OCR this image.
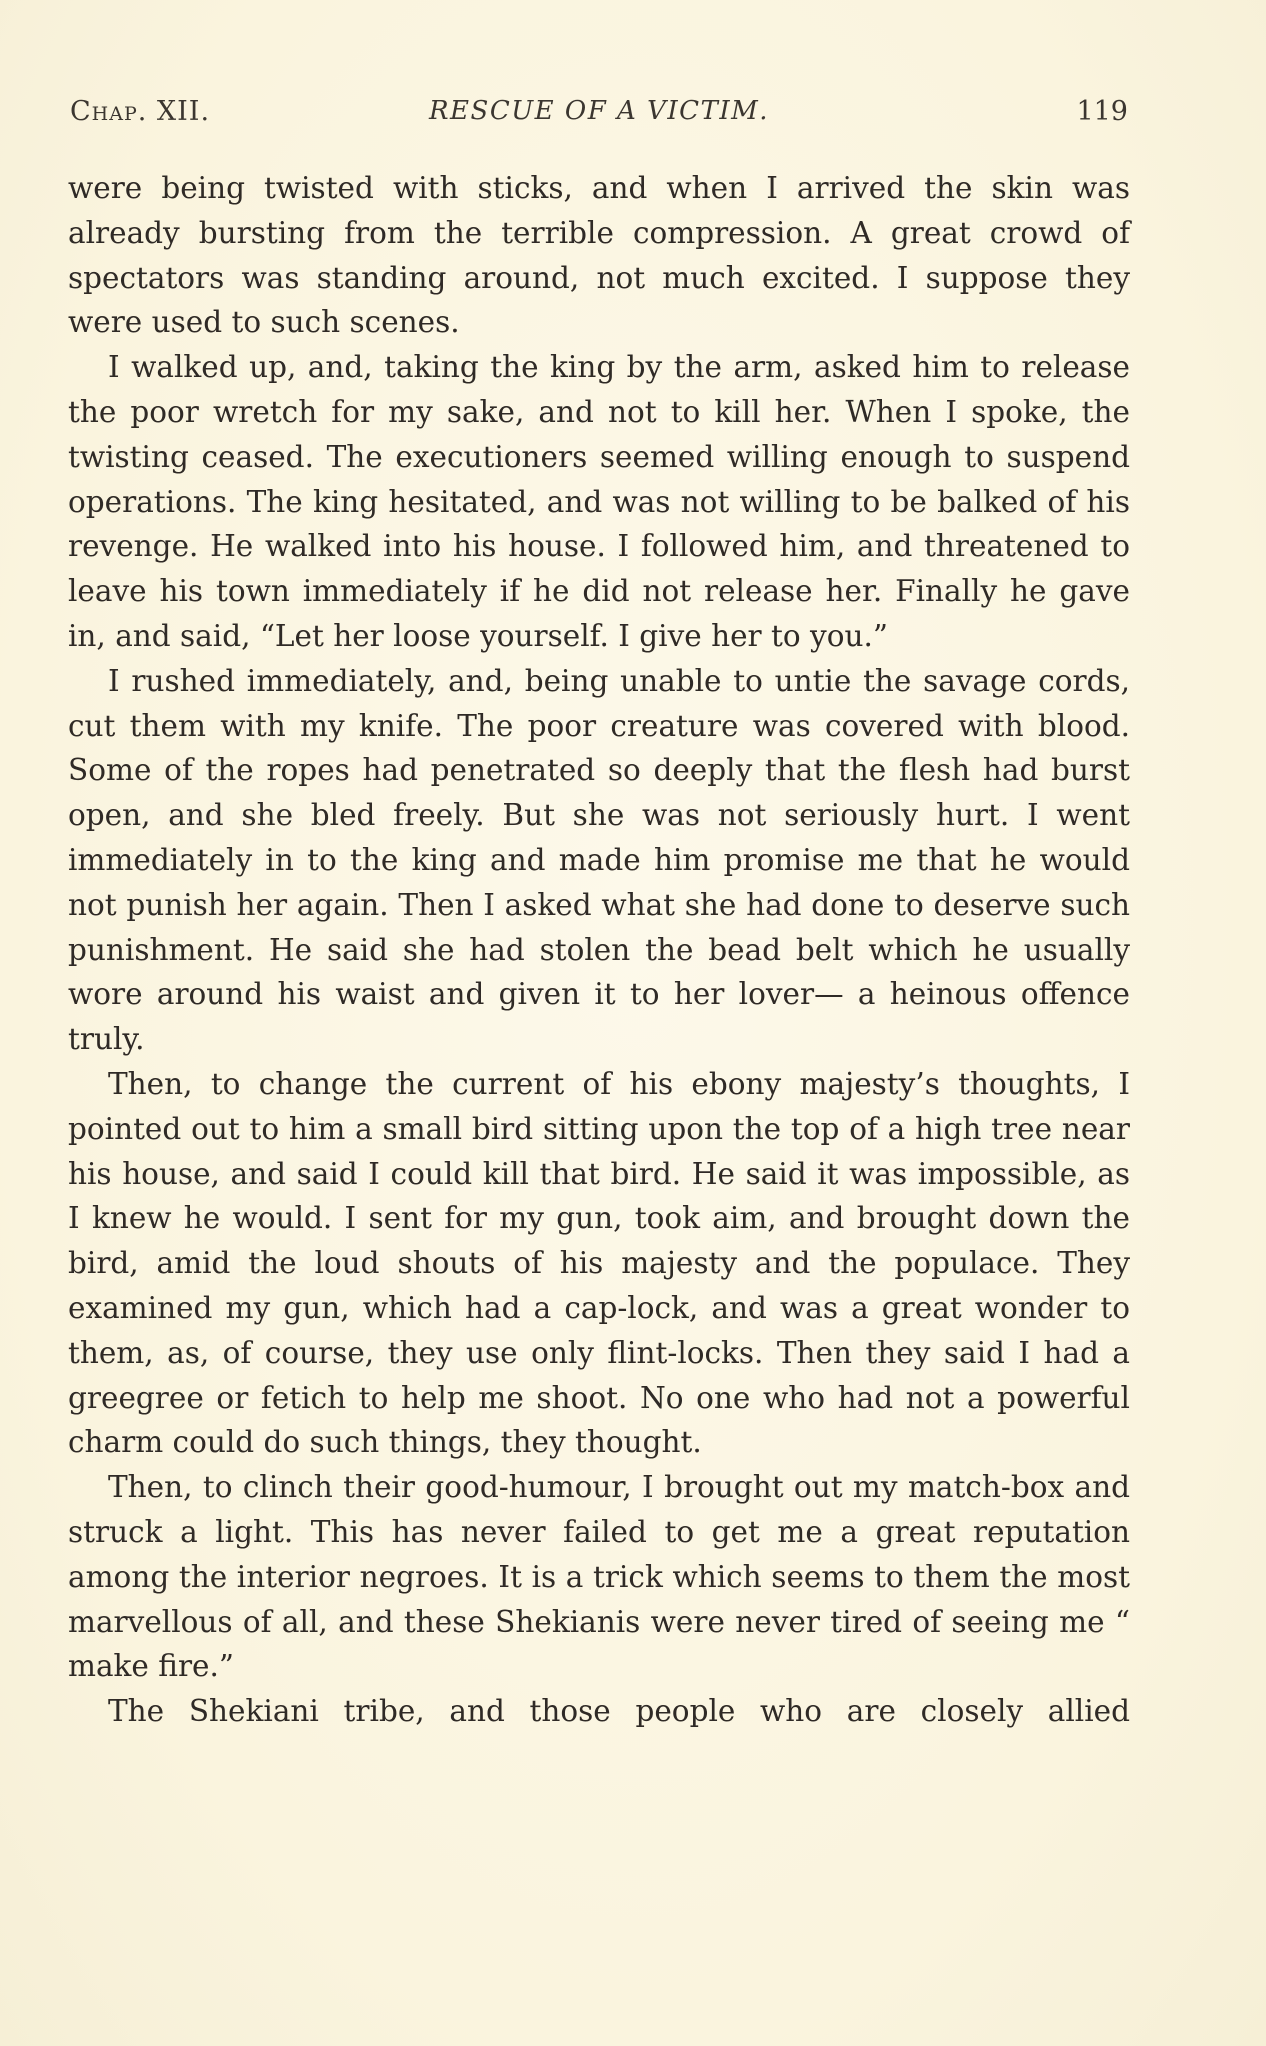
Chap. XII.	RESCUE OF A VICTIM.	119

were being twisted with sticks, and when I arrived the skin was already bursting from the terrible compression. A great crowd of spectators was standing around, not much excited. I suppose they were used to such scenes.

I walked up, and, taking the king by the arm, asked him to release the poor wretch for my sake, and not to kill her. When I spoke, the twisting ceased. The executioners seemed willing enough to suspend operations. The king hesitated, and was not willing to be balked of his revenge. He walked into his house. I followed him, and threatened to leave his town immediately if he did not release her. Finally he gave in, and said, “Let her loose yourself. I give her to you.”

I rushed immediately, and, being unable to untie the savage cords, cut them with my knife. The poor creature was covered with blood. Some of the ropes had penetrated so deeply that the flesh had burst open, and she bled freely. But she was not seriously hurt. I went immediately in to the king and made him promise me that he would not punish her again. Then I asked what she had done to deserve such punishment. He said she had stolen the bead belt which he usually wore around his waist and given it to her lover— a heinous offence truly.

Then, to change the current of his ebony majesty’s thoughts, I pointed out to him a small bird sitting upon the top of a high tree near his house, and said I could kill that bird. He said it was impossible, as I knew he would. I sent for my gun, took aim, and brought down the bird, amid the loud shouts of his majesty and the populace. They examined my gun, which had a cap-lock, and was a great wonder to them, as, of course, they use only flint-locks. Then they said I had a greegree or fetich to help me shoot. No one who had not a powerful charm could do such things, they thought.

Then, to clinch their good-humour, I brought out my match-box and struck a light. This has never failed to get me a great reputation among the interior negroes. It is a trick which seems to them the most marvellous of all, and these Shekianis were never tired of seeing me “ make fire.”

The Shekiani tribe, and those people who are closely allied
